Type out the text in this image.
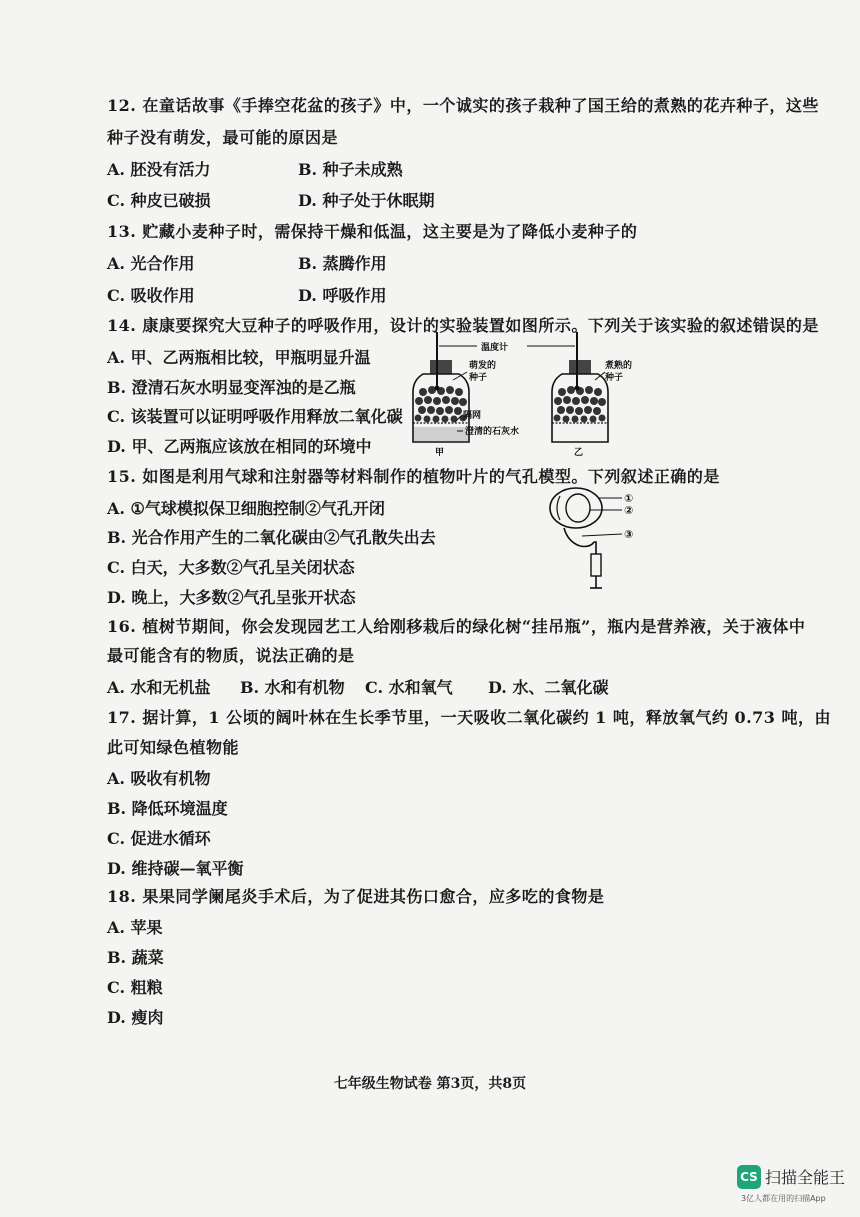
12. 在童话故事《手捧空花盆的孩子》中，一个诚实的孩子栽种了国王给的煮熟的花卉种子，这些
种子没有萌发，最可能的原因是
A. 胚没有活力	B. 种子未成熟
C. 种皮已破损	D. 种子处于休眠期
13. 贮藏小麦种子时，需保持干燥和低温，这主要是为了降低小麦种子的
A. 光合作用	B. 蒸腾作用
C. 吸收作用	D. 呼吸作用
14. 康康要探究大豆种子的呼吸作用，设计的实验装置如图所示。下列关于该实验的叙述错误的是
A. 甲、乙两瓶相比较，甲瓶明显升温
B. 澄清石灰水明显变浑浊的是乙瓶
C. 该装置可以证明呼吸作用释放二氧化碳
D. 甲、乙两瓶应该放在相同的环境中
温度计
萌发的
种子
煮熟的
种子
隔网
澄清的石灰水
甲	乙
15. 如图是利用气球和注射器等材料制作的植物叶片的气孔模型。下列叙述正确的是
A. ①气球模拟保卫细胞控制②气孔开闭
B. 光合作用产生的二氧化碳由②气孔散失出去
C. 白天，大多数②气孔呈关闭状态
D. 晚上，大多数②气孔呈张开状态
①
②
③
16. 植树节期间，你会发现园艺工人给刚移栽后的绿化树“挂吊瓶”，瓶内是营养液，关于液体中
最可能含有的物质，说法正确的是
A. 水和无机盐 B. 水和有机物 C. 水和氧气 D. 水、二氧化碳
17. 据计算，1 公顷的阔叶林在生长季节里，一天吸收二氧化碳约 1 吨，释放氧气约 0.73 吨，由
此可知绿色植物能
A. 吸收有机物
B. 降低环境温度
C. 促进水循环
D. 维持碳—氧平衡
18. 果果同学阑尾炎手术后，为了促进其伤口愈合，应多吃的食物是
A. 苹果
B. 蔬菜
C. 粗粮
D. 瘦肉
七年级生物试卷 第3页，共8页
CS 扫描全能王
3亿人都在用的扫描App
